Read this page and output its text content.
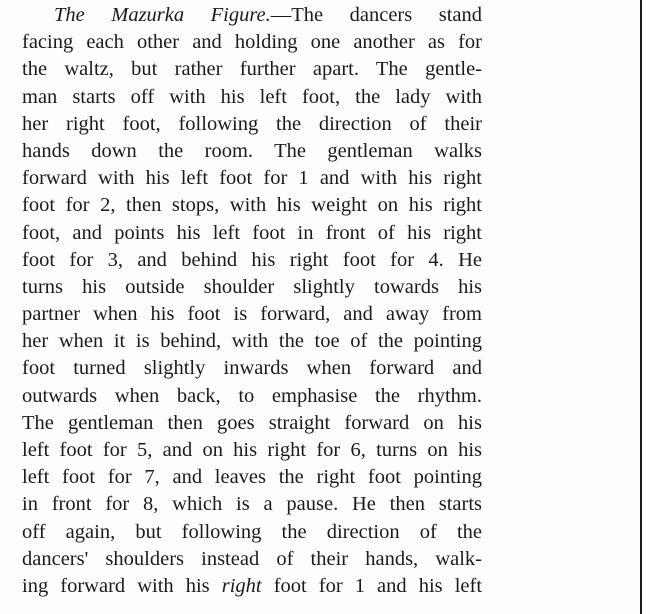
The Mazurka Figure.—The dancers stand
facing each other and holding one another as for
the waltz, but rather further apart. The gentle-
man starts off with his left foot, the lady with
her right foot, following the direction of their
hands down the room. The gentleman walks
forward with his left foot for 1 and with his right
foot for 2, then stops, with his weight on his right
foot, and points his left foot in front of his right
foot for 3, and behind his right foot for 4. He
turns his outside shoulder slightly towards his
partner when his foot is forward, and away from
her when it is behind, with the toe of the pointing
foot turned slightly inwards when forward and
outwards when back, to emphasise the rhythm.
The gentleman then goes straight forward on his
left foot for 5, and on his right for 6, turns on his
left foot for 7, and leaves the right foot pointing
in front for 8, which is a pause. He then starts
off again, but following the direction of the
dancers' shoulders instead of their hands, walk-
ing forward with his right foot for 1 and his left
